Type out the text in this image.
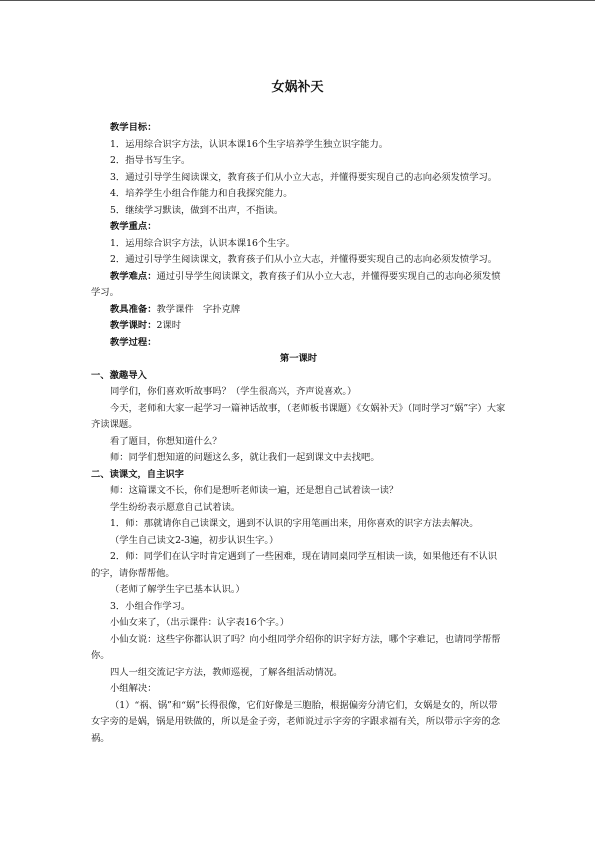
女娲补天

教学目标：

1．运用综合识字方法，认识本课16个生字培养学生独立识字能力。

2．指导书写生字。

3．通过引导学生阅读课文，教育孩子们从小立大志，并懂得要实现自己的志向必须发愤学习。

4．培养学生小组合作能力和自我探究能力。

5．继续学习默读，做到不出声，不指读。

教学重点：

1．运用综合识字方法，认识本课16个生字。

2．通过引导学生阅读课文，教育孩子们从小立大志，并懂得要实现自己的志向必须发愤学习。

教学难点：通过引导学生阅读课文，教育孩子们从小立大志，并懂得要实现自己的志向必须发愤学习。

教具准备：教学课件　字扑克牌

教学课时：2课时

教学过程：

第一课时

一、激趣导入

同学们，你们喜欢听故事吗？（学生很高兴，齐声说喜欢。）

今天，老师和大家一起学习一篇神话故事，（老师板书课题）《女娲补天》（同时学习“娲”字）大家齐读课题。

看了题目，你想知道什么？

师：同学们想知道的问题这么多，就让我们一起到课文中去找吧。

二、读课文，自主识字

师：这篇课文不长，你们是想听老师读一遍，还是想自己试着读一读？

学生纷纷表示愿意自己试着读。

1．师：那就请你自己读课文，遇到不认识的字用笔画出来，用你喜欢的识字方法去解决。

（学生自己读文2-3遍，初步认识生字。）

2．师：同学们在认字时肯定遇到了一些困难，现在请同桌同学互相读一读，如果他还有不认识的字，请你帮帮他。

（老师了解学生字已基本认识。）

3．小组合作学习。

小仙女来了，（出示课件：认字表16个字。）

小仙女说：这些字你都认识了吗？向小组同学介绍你的识字好方法，哪个字难记，也请同学帮帮你。

四人一组交流记字方法，教师巡视，了解各组活动情况。

小组解决：

（1）“祸、锅”和“娲”长得很像，它们好像是三胞胎，根据偏旁分清它们，女娲是女的，所以带女字旁的是娲，锅是用铁做的，所以是金子旁，老师说过示字旁的字跟求福有关，所以带示字旁的念祸。
